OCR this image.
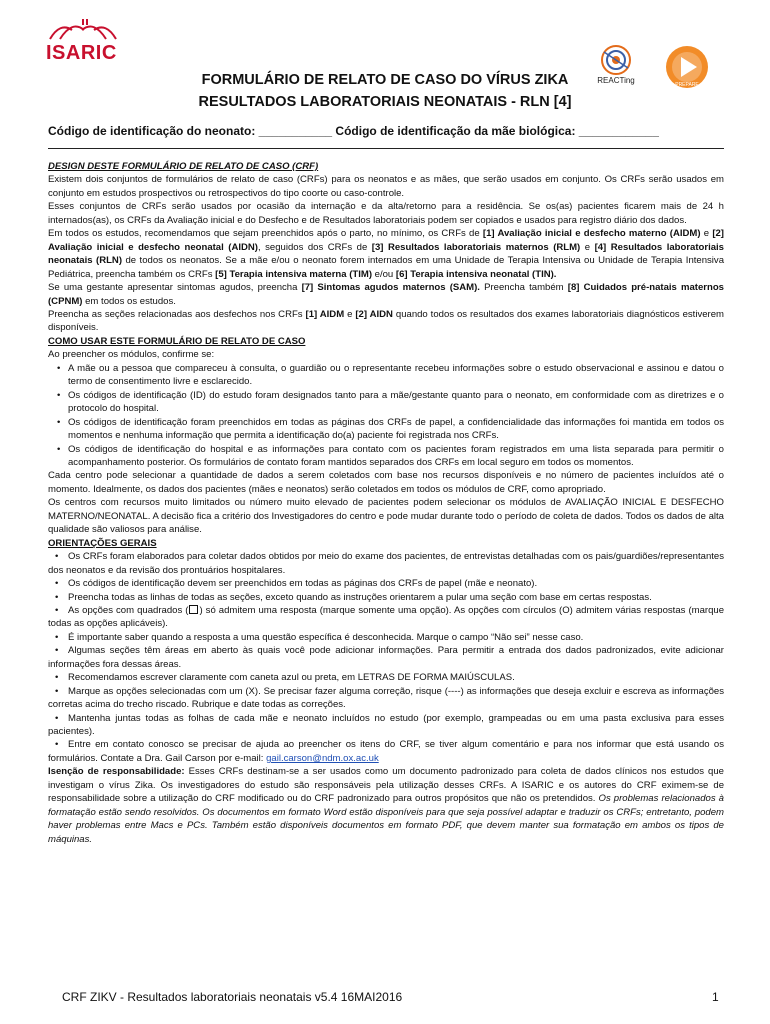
ISARIC
REACTing	PREPARE
FORMULÁRIO DE RELATO DE CASO DO VÍRUS ZIKA
RESULTADOS LABORATORIAIS NEONATAIS - RLN [4]
Código de identificação do neonato: ___________ Código de identificação da mãe biológica: ____________

DESIGN DESTE FORMULÁRIO DE RELATO DE CASO (CRF)

Existem dois conjuntos de formulários de relato de caso (CRFs) para os neonatos e as mães, que serão usados em conjunto. Os CRFs serão usados em conjunto em estudos prospectivos ou retrospectivos do tipo coorte ou caso-controle.

Esses conjuntos de CRFs serão usados por ocasião da internação e da alta/retorno para a residência. Se os(as) pacientes ficarem mais de 24 h internados(as), os CRFs da Avaliação inicial e do Desfecho e de Resultados laboratoriais podem ser copiados e usados para registro diário dos dados.

Em todos os estudos, recomendamos que sejam preenchidos após o parto, no mínimo, os CRFs de [1] Avaliação inicial e desfecho materno (AIDM) e [2] Avaliação inicial e desfecho neonatal (AIDN), seguidos dos CRFs de [3] Resultados laboratoriais maternos (RLM) e [4] Resultados laboratoriais neonatais (RLN) de todos os neonatos. Se a mãe e/ou o neonato forem internados em uma Unidade de Terapia Intensiva ou Unidade de Terapia Intensiva Pediátrica, preencha também os CRFs [5] Terapia intensiva materna (TIM) e/ou [6] Terapia intensiva neonatal (TIN).

Se uma gestante apresentar sintomas agudos, preencha [7] Sintomas agudos maternos (SAM). Preencha também [8] Cuidados pré-natais maternos (CPNM) em todos os estudos.

Preencha as seções relacionadas aos desfechos nos CRFs [1] AIDM e [2] AIDN quando todos os resultados dos exames laboratoriais diagnósticos estiverem disponíveis.

COMO USAR ESTE FORMULÁRIO DE RELATO DE CASO

Ao preencher os módulos, confirme se:

• A mãe ou a pessoa que compareceu à consulta, o guardião ou o representante recebeu informações sobre o estudo observacional e assinou e datou o termo de consentimento livre e esclarecido.

• Os códigos de identificação (ID) do estudo foram designados tanto para a mãe/gestante quanto para o neonato, em conformidade com as diretrizes e o protocolo do hospital.

• Os códigos de identificação foram preenchidos em todas as páginas dos CRFs de papel, a confidencialidade das informações foi mantida em todos os momentos e nenhuma informação que permita a identificação do(a) paciente foi registrada nos CRFs.

• Os códigos de identificação do hospital e as informações para contato com os pacientes foram registrados em uma lista separada para permitir o acompanhamento posterior. Os formulários de contato foram mantidos separados dos CRFs em local seguro em todos os momentos.

Cada centro pode selecionar a quantidade de dados a serem coletados com base nos recursos disponíveis e no número de pacientes incluídos até o momento. Idealmente, os dados dos pacientes (mães e neonatos) serão coletados em todos os módulos de CRF, como apropriado.

Os centros com recursos muito limitados ou número muito elevado de pacientes podem selecionar os módulos de AVALIAÇÃO INICIAL E DESFECHO MATERNO/NEONATAL. A decisão fica a critério dos Investigadores do centro e pode mudar durante todo o período de coleta de dados. Todos os dados de alta qualidade são valiosos para análise.

ORIENTAÇÕES GERAIS

• Os CRFs foram elaborados para coletar dados obtidos por meio do exame dos pacientes, de entrevistas detalhadas com os pais/guardiões/representantes dos neonatos e da revisão dos prontuários hospitalares.

• Os códigos de identificação devem ser preenchidos em todas as páginas dos CRFs de papel (mãe e neonato).

• Preencha todas as linhas de todas as seções, exceto quando as instruções orientarem a pular uma seção com base em certas respostas.

• As opções com quadrados ( ) só admitem uma resposta (marque somente uma opção). As opções com círculos (O) admitem várias respostas (marque todas as opções aplicáveis).

• É importante saber quando a resposta a uma questão específica é desconhecida. Marque o campo “Não sei” nesse caso.

• Algumas seções têm áreas em aberto às quais você pode adicionar informações. Para permitir a entrada dos dados padronizados, evite adicionar informações fora dessas áreas.

• Recomendamos escrever claramente com caneta azul ou preta, em LETRAS DE FORMA MAIÚSCULAS.

• Marque as opções selecionadas com um (X). Se precisar fazer alguma correção, risque (----) as informações que deseja excluir e escreva as informações corretas acima do trecho riscado. Rubrique e date todas as correções.

• Mantenha juntas todas as folhas de cada mãe e neonato incluídos no estudo (por exemplo, grampeadas ou em uma pasta exclusiva para esses pacientes).

• Entre em contato conosco se precisar de ajuda ao preencher os itens do CRF, se tiver algum comentário e para nos informar que está usando os formulários. Contate a Dra. Gail Carson por e-mail: gail.carson@ndm.ox.ac.uk

Isenção de responsabilidade: Esses CRFs destinam-se a ser usados como um documento padronizado para coleta de dados clínicos nos estudos que investigam o vírus Zika. Os investigadores do estudo são responsáveis pela utilização desses CRFs. A ISARIC e os autores do CRF eximem-se de responsabilidade sobre a utilização do CRF modificado ou do CRF padronizado para outros propósitos que não os pretendidos. Os problemas relacionados à formatação estão sendo resolvidos. Os documentos em formato Word estão disponíveis para que seja possível adaptar e traduzir os CRFs; entretanto, podem haver problemas entre Macs e PCs. Também estão disponíveis documentos em formato PDF, que devem manter sua formatação em ambos os tipos de máquinas.

CRF ZIKV - Resultados laboratoriais neonatais v5.4 16MAI2016	1
